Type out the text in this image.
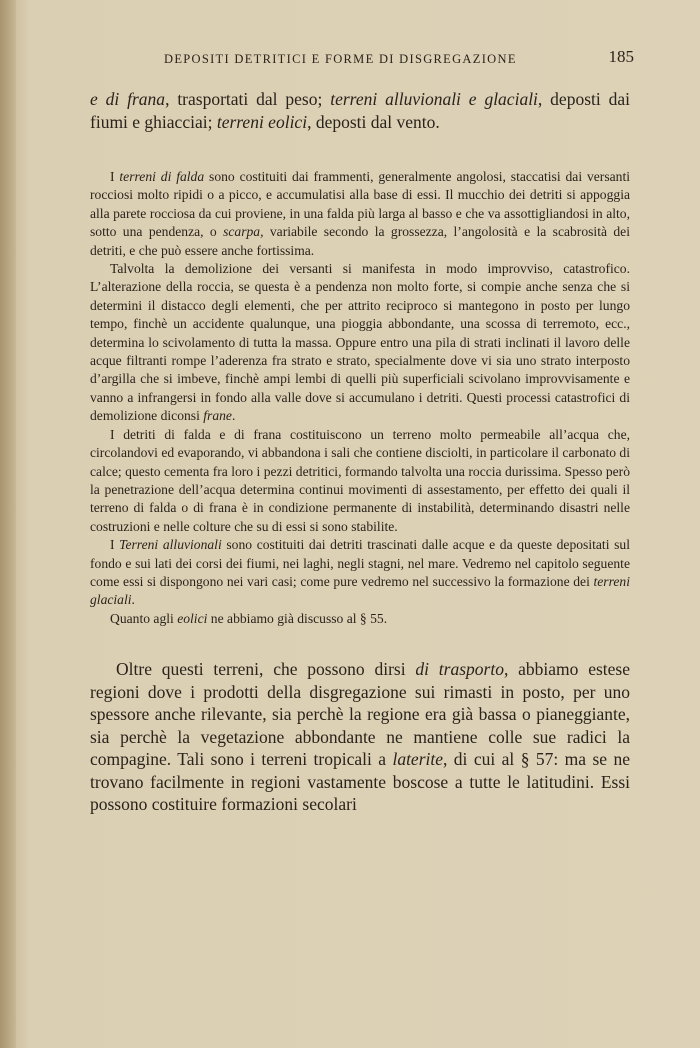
DEPOSITI DETRITICI E FORME DI DISGREGAZIONE	185

e di frana, trasportati dal peso; terreni alluvionali e glaciali, deposti dai fiumi e ghiacciai; terreni eolici, deposti dal vento.

I terreni di falda sono costituiti dai frammenti, generalmente angolosi, staccatisi dai versanti rocciosi molto ripidi o a picco, e accumulatisi alla base di essi. Il mucchio dei detriti si appoggia alla parete rocciosa da cui proviene, in una falda più larga al basso e che va assottigliandosi in alto, sotto una pendenza, o scarpa, variabile secondo la grossezza, l’angolosità e la scabrosità dei detriti, e che può essere anche fortissima.

Talvolta la demolizione dei versanti si manifesta in modo improvviso, catastrofico. L’alterazione della roccia, se questa è a pendenza non molto forte, si compie anche senza che si determini il distacco degli elementi, che per attrito reciproco si mantegono in posto per lungo tempo, finchè un accidente qualunque, una pioggia abbondante, una scossa di terremoto, ecc., determina lo scivolamento di tutta la massa. Oppure entro una pila di strati inclinati il lavoro delle acque filtranti rompe l’aderenza fra strato e strato, specialmente dove vi sia uno strato interposto d’argilla che si imbeve, finchè ampi lembi di quelli più superficiali scivolano improvvisamente e vanno a infrangersi in fondo alla valle dove si accumulano i detriti. Questi processi catastrofici di demolizione diconsi frane.

I detriti di falda e di frana costituiscono un terreno molto permeabile all’acqua che, circolandovi ed evaporando, vi abbandona i sali che contiene disciolti, in particolare il carbonato di calce; questo cementa fra loro i pezzi detritici, formando talvolta una roccia durissima. Spesso però la penetrazione dell’acqua determina continui movimenti di assestamento, per effetto dei quali il terreno di falda o di frana è in condizione permanente di instabilità, determinando disastri nelle costruzioni e nelle colture che su di essi si sono stabilite.

I Terreni alluvionali sono costituiti dai detriti trascinati dalle acque e da queste depositati sul fondo e sui lati dei corsi dei fiumi, nei laghi, negli stagni, nel mare. Vedremo nel capitolo seguente come essi si dispongono nei vari casi; come pure vedremo nel successivo la formazione dei terreni glaciali.

Quanto agli eolici ne abbiamo già discusso al § 55.

Oltre questi terreni, che possono dirsi di trasporto, abbiamo estese regioni dove i prodotti della disgregazione sui rimasti in posto, per uno spessore anche rilevante, sia perchè la regione era già bassa o pianeggiante, sia perchè la vegetazione abbondante ne mantiene colle sue radici la compagine. Tali sono i terreni tropicali a laterite, di cui al § 57: ma se ne trovano facilmente in regioni vastamente boscose a tutte le latitudini. Essi possono costituire formazioni secolari
